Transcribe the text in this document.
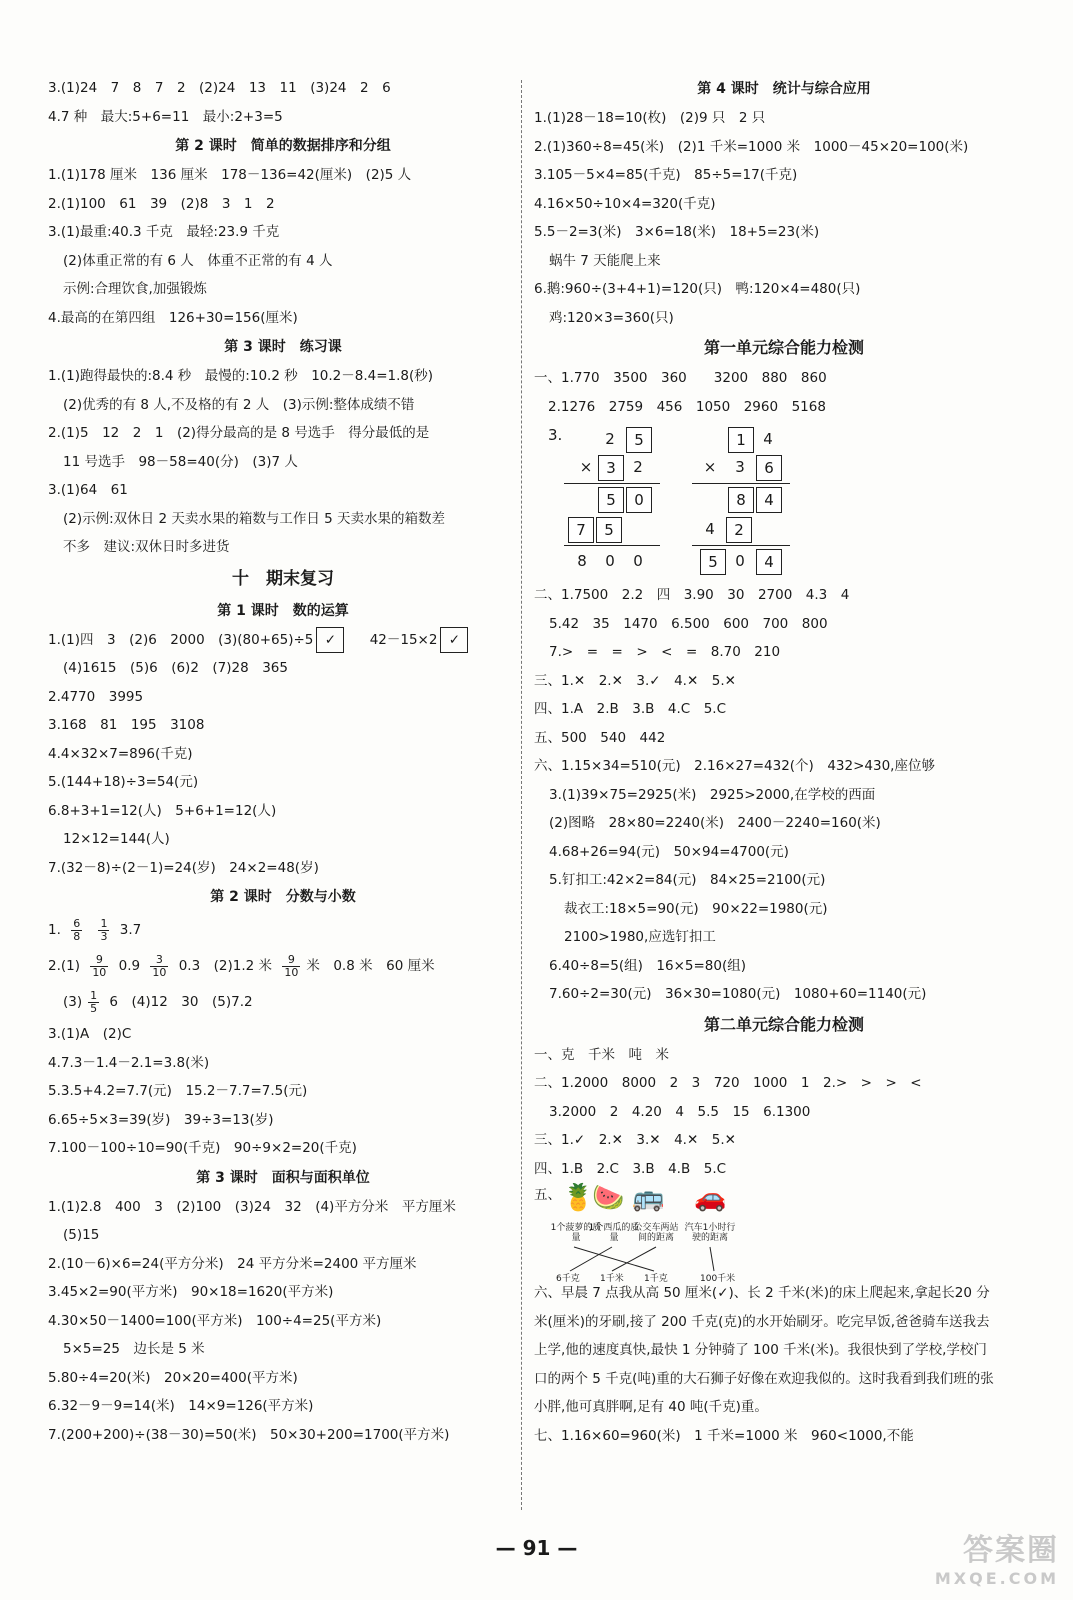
3.(1)24　7　8　7　2　(2)24　13　11　(3)24　2　6
4.7 种　最大:5+6=11　最小:2+3=5
第 2 课时　简单的数据排序和分组
1.(1)178 厘米　136 厘米　178－136=42(厘米)　(2)5 人
2.(1)100　61　39　(2)8　3　1　2
3.(1)最重:40.3 千克　最轻:23.9 千克
(2)体重正常的有 6 人　体重不正常的有 4 人
示例:合理饮食,加强锻炼
4.最高的在第四组　126+30=156(厘米)
第 3 课时　练习课
1.(1)跑得最快的:8.4 秒　最慢的:10.2 秒　10.2－8.4=1.8(秒)
(2)优秀的有 8 人,不及格的有 2 人　(3)示例:整体成绩不错
2.(1)5　12　2　1　(2)得分最高的是 8 号选手　得分最低的是
11 号选手　98－58=40(分)　(3)7 人
3.(1)64　61
(2)示例:双休日 2 天卖水果的箱数与工作日 5 天卖水果的箱数差
不多　建议:双休日时多进货
十　期末复习
第 1 课时　数的运算
1.(1)四　3　(2)6　2000　(3)(80+65)÷5 ✓ 42－15×2 ✓
(4)1615　(5)6　(6)2　(7)28　365
2.4770　3995
3.168　81　195　3108
4.4×32×7=896(千克)
5.(144+18)÷3=54(元)
6.8+3+1=12(人)　5+6+1=12(人)
12×12=144(人)
7.(32－8)÷(2－1)=24(岁)　24×2=48(岁)
第 2 课时　分数与小数
1. $\frac{6}{8}$
$\frac{1}{3} 3.7$
$2.(1) \frac{9}{10} 0.9 \frac{3}{10} 0.3$　(2)1.2 米 $\frac{9}{10}$ 米　0.8 米　60 厘米
$(3) \frac{1}{5} 6$　(4)12　30　(5)7.2
3.(1)A　(2)C
4.7.3－1.4－2.1=3.8(米)
5.3.5+4.2=7.7(元)　15.2－7.7=7.5(元)
6.65÷5×3=39(岁)　39÷3=13(岁)
7.100－100÷10=90(千克)　90÷9×2=20(千克)
第 3 课时　面积与面积单位
1.(1)2.8　400　3　(2)100　(3)24　32　(4)平方分米　平方厘米
(5)15
2.(10－6)×6=24(平方分米)　24 平方分米=2400 平方厘米
3.45×2=90(平方米)　90×18=1620(平方米)
4.30×50－1400=100(平方米)　100÷4=25(平方米)
5×5=25　边长是 5 米
5.80÷4=20(米)　20×20=400(平方米)
6.32－9－9=14(米)　14×9=126(平方米)
7.(200+200)÷(38－30)=50(米)　50×30+200=1700(平方米)
第 4 课时　统计与综合应用
1.(1)28－18=10(枚)　(2)9 只　2 只
2.(1)360÷8=45(米)　(2)1 千米=1000 米　1000－45×20=100(米)
3.105－5×4=85(千克)　85÷5=17(千克)
4.16×50÷10×4=320(千克)
5.5－2=3(米)　3×6=18(米)　18+5=23(米)
蜗牛 7 天能爬上来
6.鹅:960÷(3+4+1)=120(只)　鸭:120×4=480(只)
鸡:120×3=360(只)
第一单元综合能力检测
一、1.770　3500　360　　3200　880　860
2.1276　2759　456　1050　2960　5168
3.	2	5
× 3	2
5	0
7	5
8	0	0
1	4
×	3	6
8	4
4	2
5	0	4
二、1.7500　2.2　四　3.90　30　2700　4.3　4
5.42　35　1470　6.500　600　700　800
7.>　=　=　>　<　=　8.70　210
三、1.✕　2.✕　3.✓　4.✕　5.✕
四、1.A　2.B　3.B　4.C　5.C
五、500　540　442
六、1.15×34=510(元)　2.16×27=432(个)　432>430,座位够
3.(1)39×75=2925(米)　2925>2000,在学校的西面
(2)图略　28×80=2240(米)　2400－2240=160(米)
4.68+26=94(元)　50×94=4700(元)
5.钉扣工:42×2=84(元)　84×25=2100(元)
裁衣工:18×5=90(元)　90×22=1980(元)
2100>1980,应选钉扣工
6.40÷8=5(组)　16×5=80(组)
7.60÷2=30(元)　36×30=1080(元)　1080+60=1140(元)
第二单元综合能力检测
一、克　千米　吨　米
二、1.2000　8000　2　3　720　1000　1　2.>　>　>　<
3.2000　2　4.20　4　5.5　15　6.1300
三、1.✓　2.✕　3.✕　4.✕　5.✕
四、1.B　2.C　3.B　4.B　5.C
五、 🍍
🍉 🚌 🚗
1个菠萝的质量
1个西瓜的质量
公交车两站间的距离
汽车1小时行驶的距离
6千克 1千米 1千克	100千米
六、早晨 7 点我从高 50 厘米(✓)、长 2 千米(米)的床上爬起来,拿起长20 分米(厘米)的牙刷,接了 200 千克(克)的水开始刷牙。吃完早饭,爸爸骑车送我去上学,他的速度真快,最快 1 分钟骑了 100 千米(米)。我很快到了学校,学校门口的两个 5 千克(吨)重的大石狮子好像在欢迎我似的。这时我看到我们班的张小胖,他可真胖啊,足有 40 吨(千克)重。
七、1.16×60=960(米)　1 千米=1000 米　960<1000,不能
— 91 —	答案圈
MXQE.COM
